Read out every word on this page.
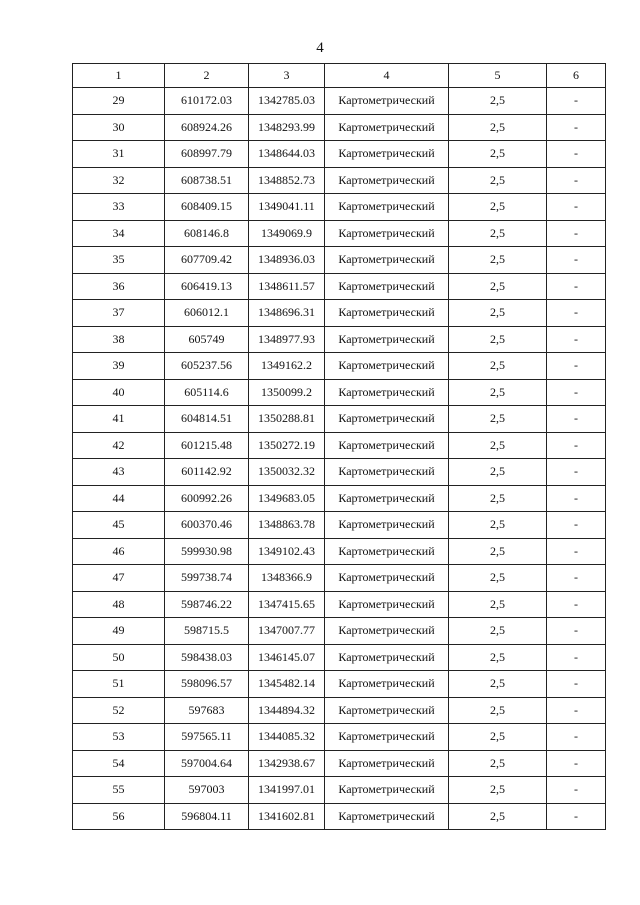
4
1	2	3	4	5	6
29	610172.03	1342785.03	Картометрический	2,5	-
30	608924.26	1348293.99	Картометрический	2,5	-
31	608997.79	1348644.03	Картометрический	2,5	-
32	608738.51	1348852.73	Картометрический	2,5	-
33	608409.15	1349041.11	Картометрический	2,5	-
34	608146.8	1349069.9	Картометрический	2,5	-
35	607709.42	1348936.03	Картометрический	2,5	-
36	606419.13	1348611.57	Картометрический	2,5	-
37	606012.1	1348696.31	Картометрический	2,5	-
38	605749	1348977.93	Картометрический	2,5	-
39	605237.56	1349162.2	Картометрический	2,5	-
40	605114.6	1350099.2	Картометрический	2,5	-
41	604814.51	1350288.81	Картометрический	2,5	-
42	601215.48	1350272.19	Картометрический	2,5	-
43	601142.92	1350032.32	Картометрический	2,5	-
44	600992.26	1349683.05	Картометрический	2,5	-
45	600370.46	1348863.78	Картометрический	2,5	-
46	599930.98	1349102.43	Картометрический	2,5	-
47	599738.74	1348366.9	Картометрический	2,5	-
48	598746.22	1347415.65	Картометрический	2,5	-
49	598715.5	1347007.77	Картометрический	2,5	-
50	598438.03	1346145.07	Картометрический	2,5	-
51	598096.57	1345482.14	Картометрический	2,5	-
52	597683	1344894.32	Картометрический	2,5	-
53	597565.11	1344085.32	Картометрический	2,5	-
54	597004.64	1342938.67	Картометрический	2,5	-
55	597003	1341997.01	Картометрический	2,5	-
56	596804.11	1341602.81	Картометрический	2,5	-
